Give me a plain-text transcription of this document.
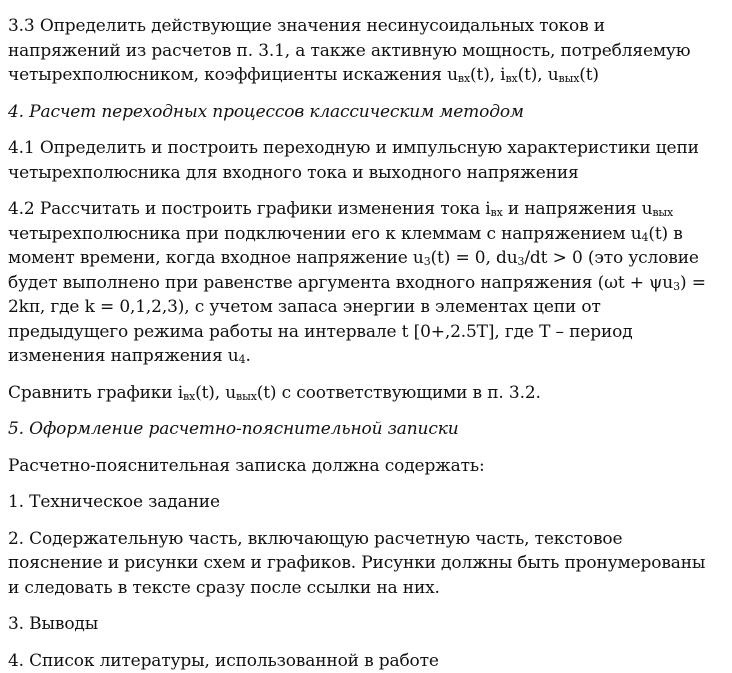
3.3 Определить действующие значения несинусоидальных токов и напряжений из расчетов п. 3.1, а также активную мощность, потребляемую четырехполюсником, коэффициенты искажения $u_{вх}(t)$, $i_{вх}(t)$, $u_{вых}(t)$

4. Расчет переходных процессов классическим методом

4.1 Определить и построить переходную и импульсную характеристики цепи четырехполюсника для входного тока и выходного напряжения

4.2 Рассчитать и построить графики изменения тока $i_{вх}$ и напряжения $u_{вых}$ четырехполюсника при подключении его к клеммам с напряжением $u_4(t)$ в момент времени, когда входное напряжение $u_3(t) = 0$, $du_3/dt > 0$ (это условие будет выполнено при равенстве аргумента входного напряжения $(\omega t + \psi u_3) = 2k\pi$, где k = 0,1,2,3), с учетом запаса энергии в элементах цепи от предыдущего режима работы на интервале t [0+,2.5T], где T – период изменения напряжения $u_4$.

Сравнить графики $i_{вх}(t)$, $u_{вых}(t)$ с соответствующими в п. 3.2.

5. Оформление расчетно-пояснительной записки

Расчетно-пояснительная записка должна содержать:

1. Техническое задание

2. Содержательную часть, включающую расчетную часть, текстовое пояснение и рисунки схем и графиков. Рисунки должны быть пронумерованы и следовать в тексте сразу после ссылки на них.

3. Выводы

4. Список литературы, использованной в работе
